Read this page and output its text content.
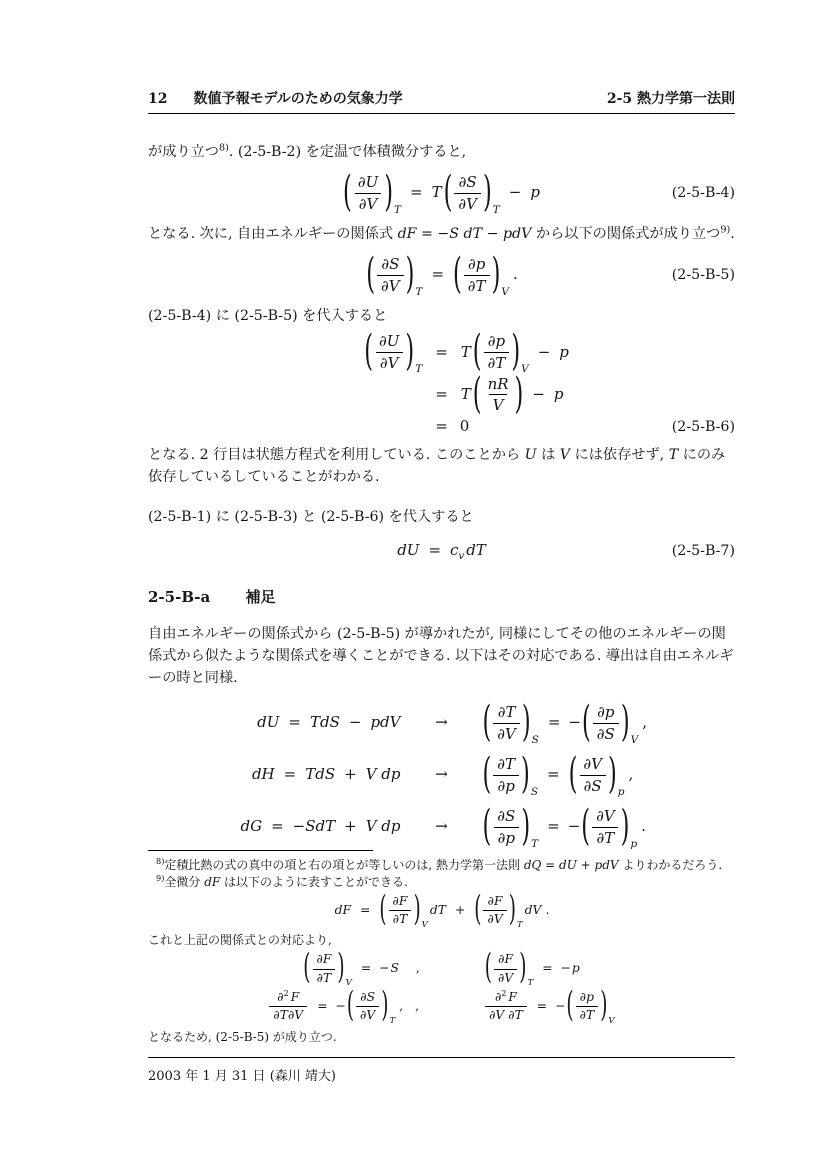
12 数値予報モデルのための気象力学	2-5 熱力学第一法則

が成り立つ$^{8)}$. (2-5-B-2) を定温で体積微分すると,

( $\frac{\partial U}{\partial V}$ ) T
= T ( $\frac{\partial S}{\partial V}$ ) T
− p	(2-5-B-4)

となる. 次に, 自由エネルギーの関係式 dF = −S dT − pdV から以下の関係式が成り立つ$^{9)}$.

( $\frac{\partial S}{\partial V}$ ) T
= ( $\frac{\partial p}{\partial T}$ ) V
.	(2-5-B-5)

(2-5-B-4) に (2-5-B-5) を代入すると

( $\frac{\partial U}{\partial V}$ ) T
= T ( $\frac{\partial p}{\partial T}$ ) V
− p
= T ( $\frac{nR}{V}$ ) − p
= 0	(2-5-B-6)

となる. 2 行目は状態方程式を利用している. このことから U は V には依存せず, T にのみ依存しているしていることがわかる.

(2-5-B-1) に (2-5-B-3) と (2-5-B-6) を代入すると

dU = $c_v$ dT	(2-5-B-7)
2-5-B-a 補足

自由エネルギーの関係式から (2-5-B-5) が導かれたが, 同様にしてその他のエネルギーの関係式から似たような関係式を導くことができる. 以下はその対応である. 導出は自由エネルギーの時と同様.

dU = TdS − pdV → ( $\frac{\partial T}{\partial V}$ ) S
= − ( $\frac{\partial p}{\partial S}$ ) V
,
dH = TdS + V dp → ( $\frac{\partial T}{\partial p}$ ) S
= ( $\frac{\partial V}{\partial S}$ ) p
,
dG = −SdT + V dp → ( $\frac{\partial S}{\partial p}$ ) T
= − ( $\frac{\partial V}{\partial T}$ ) p
.

$^{8)}$定積比熱の式の真中の項と右の項とが等しいのは, 熱力学第一法則 dQ = dU + pdV よりわかるだろう.

$^{9)}$全微分 dF は以下のように表すことができる.

dF = ( $\frac{\partial F}{\partial T}$ ) V
dT + ( $\frac{\partial F}{\partial V}$ ) T
dV .

これと上記の関係式との対応より,

( $\frac{\partial F}{\partial T}$ ) V
= − S ,	( $\frac{\partial F}{\partial V}$ ) T
= − p
$\frac{\partial^2 F}{\partial T\partial V}$ = − ( $\frac{\partial S}{\partial V}$ ) T
, ,	$\frac{\partial^2 F}{\partial V \partial T}$ = − ( $\frac{\partial p}{\partial T}$ ) V

となるため, (2-5-B-5) が成り立つ.

2003 年 1 月 31 日 (森川 靖大)
